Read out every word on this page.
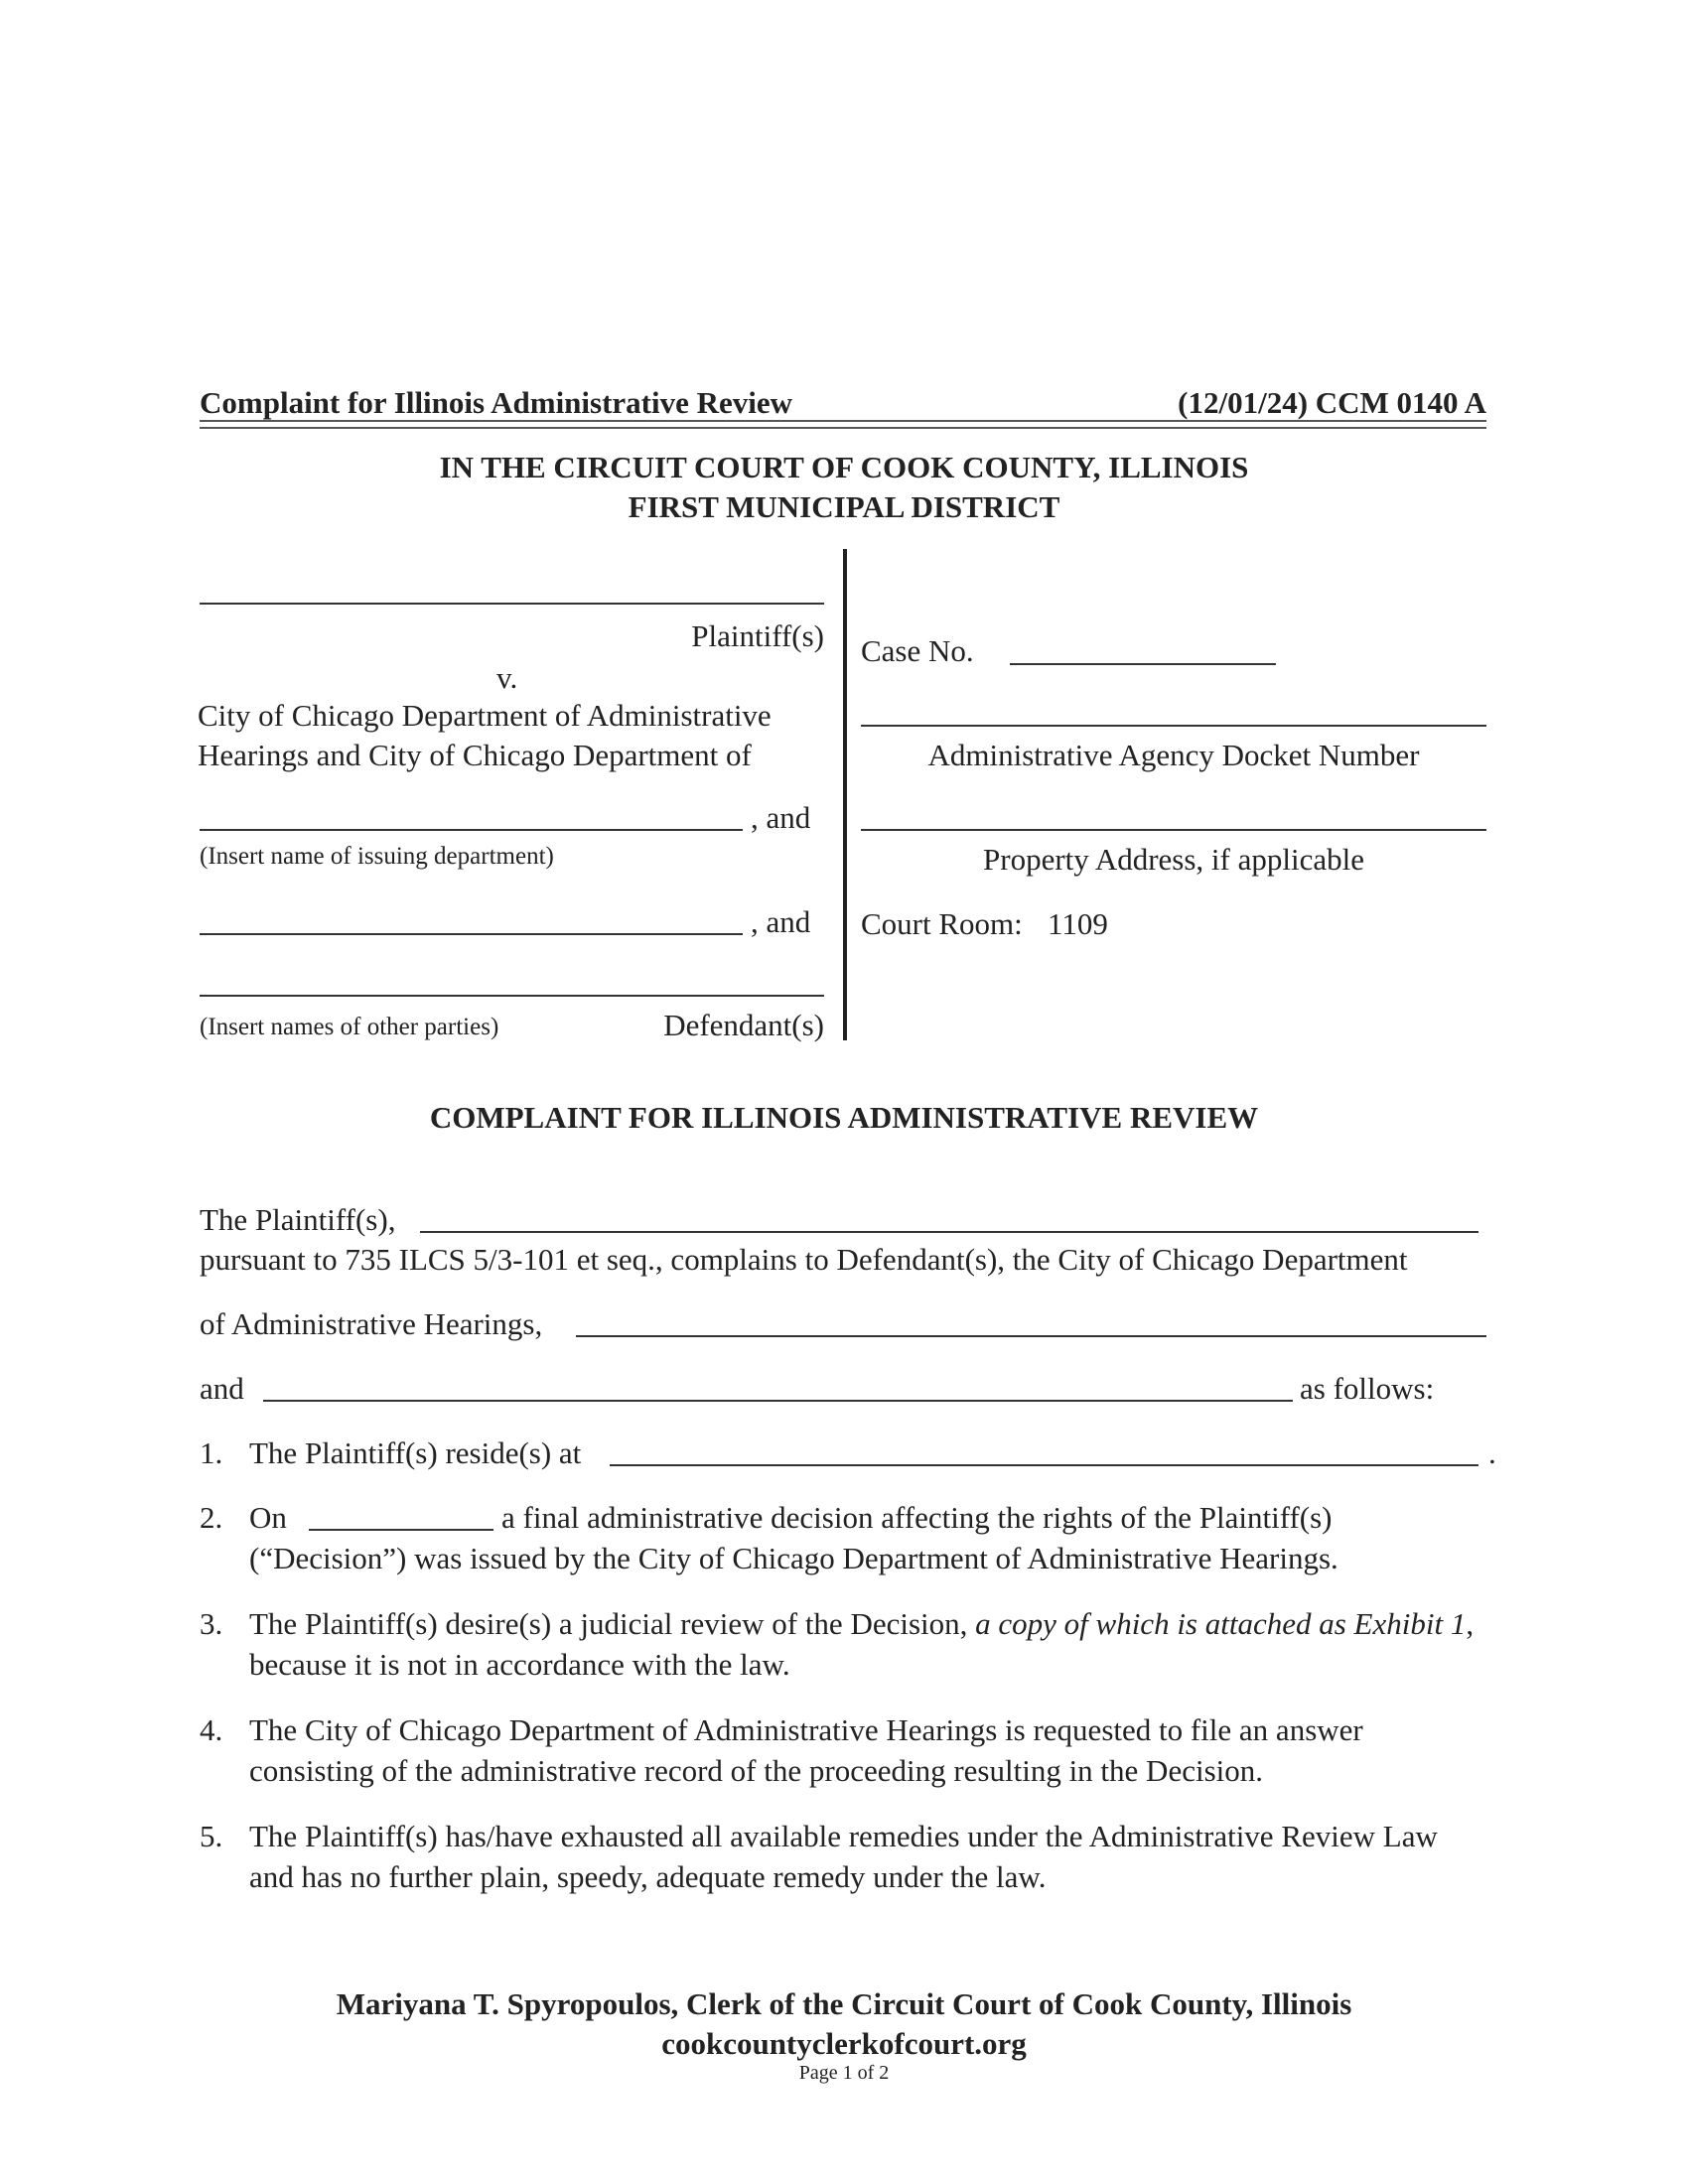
Complaint for Illinois Administrative Review	(12/01/24) CCM 0140 A
IN THE CIRCUIT COURT OF COOK COUNTY, ILLINOIS
FIRST MUNICIPAL DISTRICT
Plaintiff(s)
v.
City of Chicago Department of Administrative
Hearings and City of Chicago Department of
, and
(Insert name of issuing department)
, and
(Insert names of other parties)	Defendant(s)
Case No.
Administrative Agency Docket Number
Property Address, if applicable
Court Room: 1109
COMPLAINT FOR ILLINOIS ADMINISTRATIVE REVIEW
The Plaintiff(s),
pursuant to 735 ILCS 5/3-101 et seq., complains to Defendant(s), the City of Chicago Department
of Administrative Hearings,
and	as follows:
1. The Plaintiff(s) reside(s) at	.
2. On	a final administrative decision affecting the rights of the Plaintiff(s)
(“Decision”) was issued by the City of Chicago Department of Administrative Hearings.
3. The Plaintiff(s) desire(s) a judicial review of the Decision, a copy of which is attached as Exhibit 1,
because it is not in accordance with the law.
4. The City of Chicago Department of Administrative Hearings is requested to file an answer
consisting of the administrative record of the proceeding resulting in the Decision.
5. The Plaintiff(s) has/have exhausted all available remedies under the Administrative Review Law
and has no further plain, speedy, adequate remedy under the law.
Mariyana T. Spyropoulos, Clerk of the Circuit Court of Cook County, Illinois
cookcountyclerkofcourt.org
Page 1 of 2
